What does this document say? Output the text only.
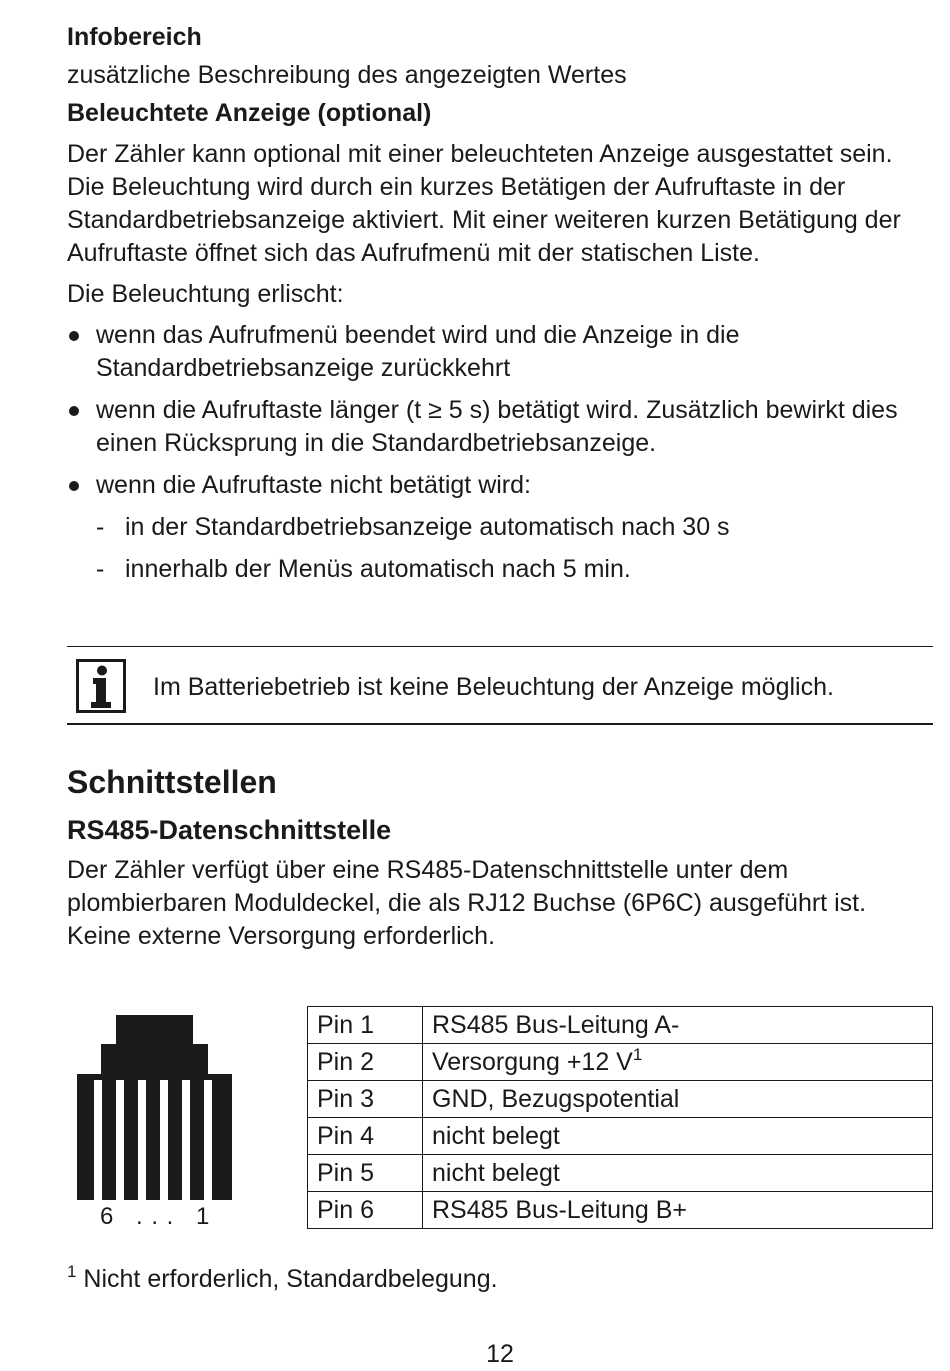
Infobereich

zusätzliche Beschreibung des angezeigten Wertes

Beleuchtete Anzeige (optional)

Der Zähler kann optional mit einer beleuchteten Anzeige ausgestattet sein. Die Beleuchtung wird durch ein kurzes Betätigen der Aufruftaste in der Standardbetriebsanzeige aktiviert. Mit einer weiteren kurzen Betätigung der Aufruftaste öffnet sich das Aufrufmenü mit der statischen Liste.

Die Beleuchtung erlischt:

wenn das Aufrufmenü beendet wird und die Anzeige in die Standardbetriebsanzeige zurückkehrt
wenn die Aufruftaste länger (t ≥ 5 s) betätigt wird. Zusätzlich bewirkt dies einen Rücksprung in die Standardbetriebsanzeige.
wenn die Aufruftaste nicht betätigt wird:
- in der Standardbetriebsanzeige automatisch nach 30 s
- innerhalb der Menüs automatisch nach 5 min.
Im Batteriebetrieb ist keine Beleuchtung der Anzeige möglich.

Schnittstellen

RS485-Datenschnittstelle

Der Zähler verfügt über eine RS485-Datenschnittstelle unter dem plombierbaren Moduldeckel, die als RJ12 Buchse (6P6C) ausgeführt ist. Keine externe Versorgung erforderlich.

6 . . . 1
Pin 1	RS485 Bus-Leitung A-
Pin 2	Versorgung +12 $V^1$
Pin 3	GND, Bezugspotential
Pin 4	nicht belegt
Pin 5	nicht belegt
Pin 6	RS485 Bus-Leitung B+
$^1$ Nicht erforderlich, Standardbelegung.
12
